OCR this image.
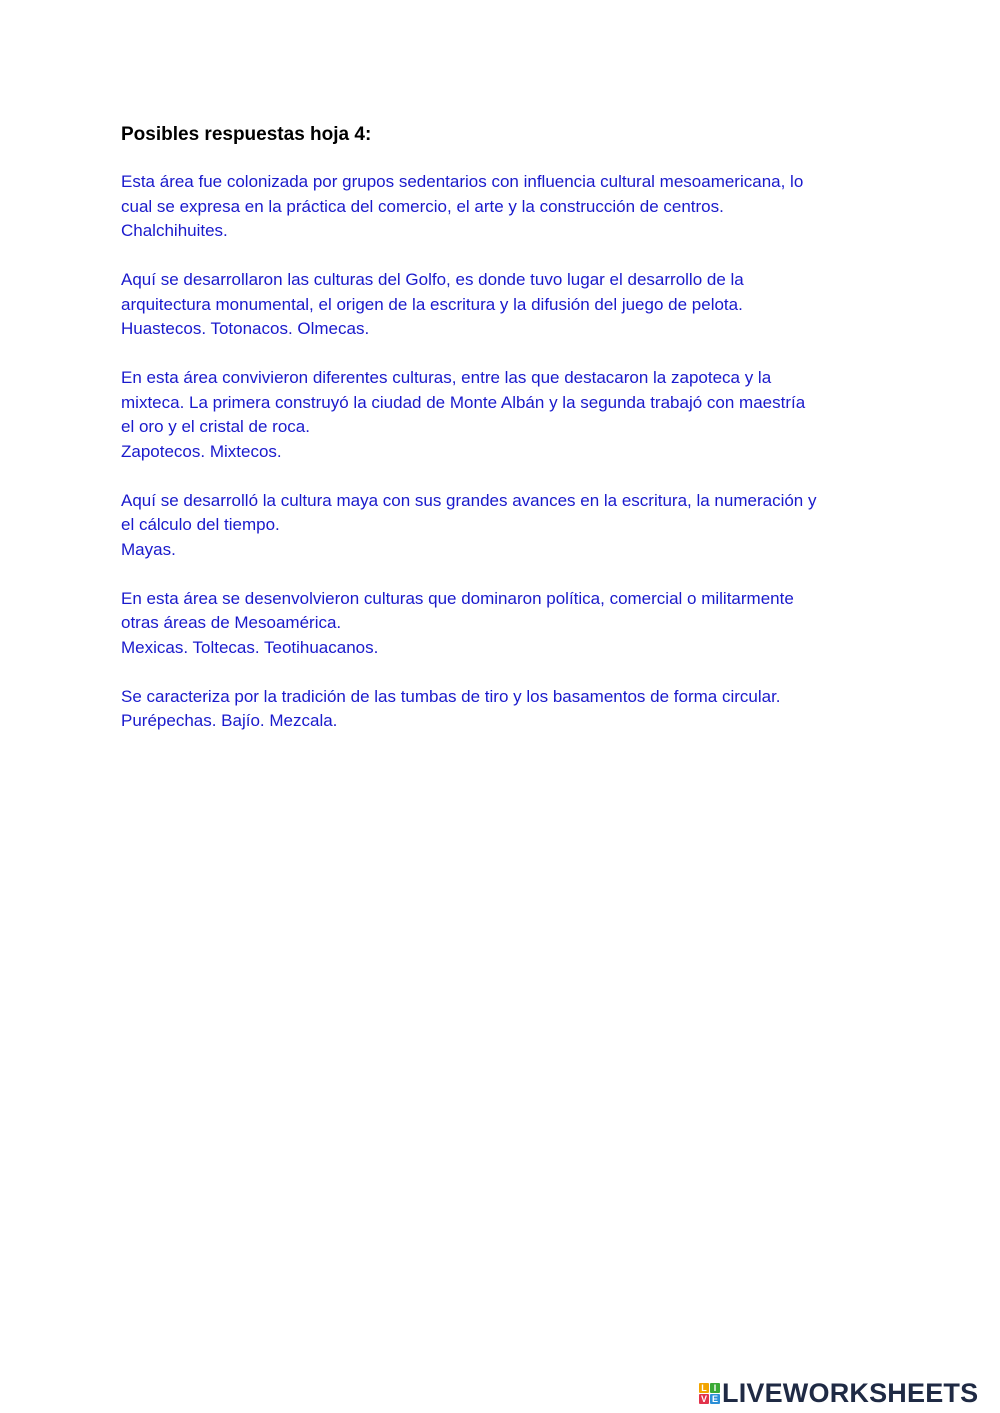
Posibles respuestas hoja 4:

Esta área fue colonizada por grupos sedentarios con influencia cultural mesoamericana, lo
cual se expresa en la práctica del comercio, el arte y la construcción de centros.
Chalchihuites.

Aquí se desarrollaron las culturas del Golfo, es donde tuvo lugar el desarrollo de la
arquitectura monumental, el origen de la escritura y la difusión del juego de pelota.
Huastecos. Totonacos. Olmecas.

En esta área convivieron diferentes culturas, entre las que destacaron la zapoteca y la
mixteca. La primera construyó la ciudad de Monte Albán y la segunda trabajó con maestría
el oro y el cristal de roca.
Zapotecos. Mixtecos.

Aquí se desarrolló la cultura maya con sus grandes avances en la escritura, la numeración y
el cálculo del tiempo.
Mayas.

En esta área se desenvolvieron culturas que dominaron política, comercial o militarmente
otras áreas de Mesoamérica.
Mexicas. Toltecas. Teotihuacanos.

Se caracteriza por la tradición de las tumbas de tiro y los basamentos de forma circular.
Purépechas. Bajío. Mezcala.

L I
V E LIVEWORKSHEETS
